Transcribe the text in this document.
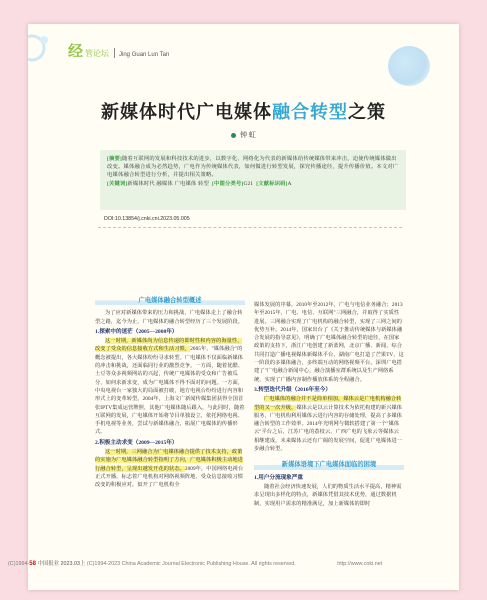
经 管论坛 Jing Guan Lun Tan
新媒体时代广电媒体融合转型之策
钟 虹

[摘要]随着互联网的发展和科技技术的进步，以数字化、网络化为代表的新媒体给传统媒体带来冲击，迫使传统媒体做出改变。媒体融合成为必然趋势，广电作为传统媒体代表，如何做进行转型发展，探究传播途径，提升传播价值。本文对广电媒体融合转型进行分析，并提出相关策略。

[关键词]新媒体时代 融媒体 广电媒体 转型 [中图分类号]G21 [文献标识码]A

DOI:10.13854/j.cnki.cni.2023.05.005
广电媒体融合转型概述

为了应对新媒体带来的压力和挑战，广电媒体走上了融合转型之路，迄今为止，广电媒体的融合转型经历了三个发展阶段。

1.探索中的迷茫（2005—2008年）

这一时期，新媒体尚为信息传递的即时性和内容的海量性，改变了受众的信息接收方式和生活习惯，2005年，"媒体融合"的概念被提出，各大媒体纷纷寻求转型。广电媒体不仅面临新媒体的冲击和挑战，还面临同行业的激烈竞争。一方面，随着优酷、土豆等众多视频网站的兴起，传统广电媒体的受众和广告被瓜分，如何求新求变，成为广电媒体不得不面对的问题。一方面，中央电视台一家独大的局面被打破，地方电视台纷纷进行内容和形式上的变革转型。2004年，上海文广新闻传媒集团获得全国首张IPTV集成运营牌照，其他广电媒体随后跟入，与此同时，随着互联网的发展，广电媒体开始将节目单独设立，依托网络电视、手机电视等业务，尝试与新媒体融合，拓展广电媒体的传播形式。

2.积极主动求变（2009—2015年）

这一时期，三网融合为广电媒体融合提供了技术支持，政策的实施为广电媒体融合转型指明了方向，广电媒体积极主动地进行融合转型，呈现出越发开花的状态。2009年，中国网络电视台正式开播，标志着广电机构对网络视频阵地、受众信息接收习惯改变的积极应对。似开了广电机构全

媒体发展的序幕。2010年至2012年，广电与电信业务融合；2013年至2015年，广电、电信、互联网"三网融合，并取得了实质性进展。三网融合实现了广电机构的融合转型，实现了三网之间的优势互补。2014年，国家出台了《关于推动传统媒体与新媒体融合发展的指导意见》，明确了广电媒体融合转型的途径，在国家政策的支持下，浙江广电创建了新蓝网，北京广播、新闻，综合共同打造广播电视媒体新媒体平台，湖南广电打造了芒果TV，这一阶段的多媒体融合，多终端互动的网络视频平台。深圳广电搭建了"广电融合新闻中心，融合演播室群系统以及生产网络系统，实现了广播内容制作播放体系的全程融合。

3.转型迭代升级（2016年至今）

广电媒体的融合并不是简单相加，媒体云是广电机构融合转型的又一次升级。媒体云是以云计算技术为依托构建的新兴媒体服务，广电机构利用媒体云进行内容的存储处理，提高了多媒体融合转型的工作效率。2014年光明网与微软搭建了第一个"媒体云"平台之后，江苏广电的荔枝云、广西广电的飞象云等媒体云相继建成，未来媒体云还有广阔的发展空间，促进广电媒体进一步融合转型。

新媒体语境下广电媒体面临的困境
1.用户分流现象严重

随着社会经济快速发展，人们的物质生活水平提高，精神需求呈现出多样化的特点，新媒体凭借其技术优势，通过数据机制，实现用户需求的精准满足，加上新媒体的即时

(C)1994-58 中国报业 2023.03上 (C)1994-2023 China Academic Journal Electronic Publishing House. All rights reserved.	http://www.cnki.net
